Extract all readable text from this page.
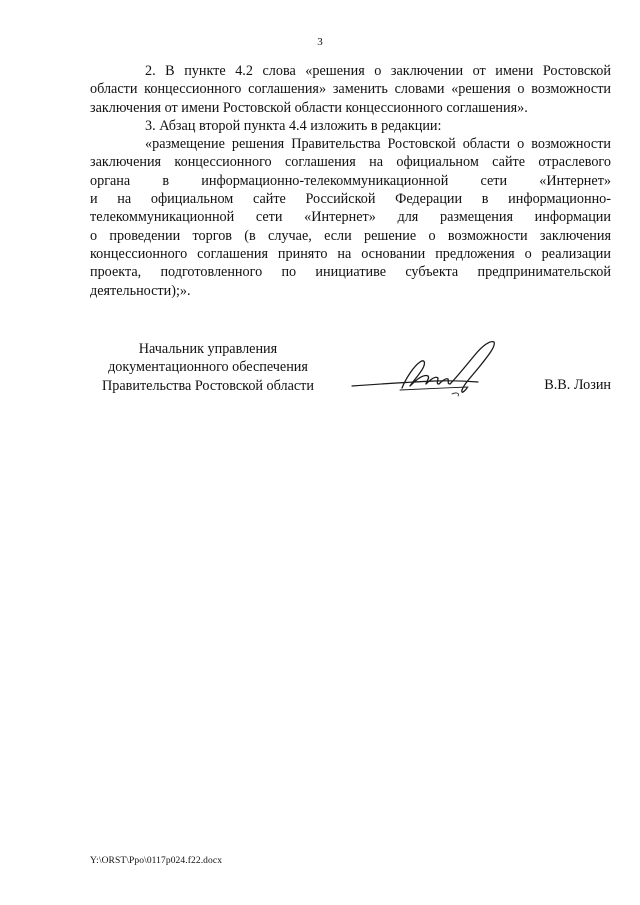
3
2. В пункте 4.2 слова «решения о заключении от имени Ростовской
области концессионного соглашения» заменить словами «решения о возможности
заключения от имени Ростовской области концессионного соглашения».
3. Абзац второй пункта 4.4 изложить в редакции:
«размещение решения Правительства Ростовской области о возможности
заключения концессионного соглашения на официальном сайте отраслевого
органа в информационно-телекоммуникационной сети «Интернет»
и на официальном сайте Российской Федерации в информационно-
телекоммуникационной сети «Интернет» для размещения информации
о проведении торгов (в случае, если решение о возможности заключения
концессионного соглашения принято на основании предложения о реализации
проекта, подготовленного по инициативе субъекта предпринимательской
деятельности);».
Начальник управления
документационного обеспечения
Правительства Ростовской области	В.В. Лозин
Y:\ORST\Ppo\0117p024.f22.docx
